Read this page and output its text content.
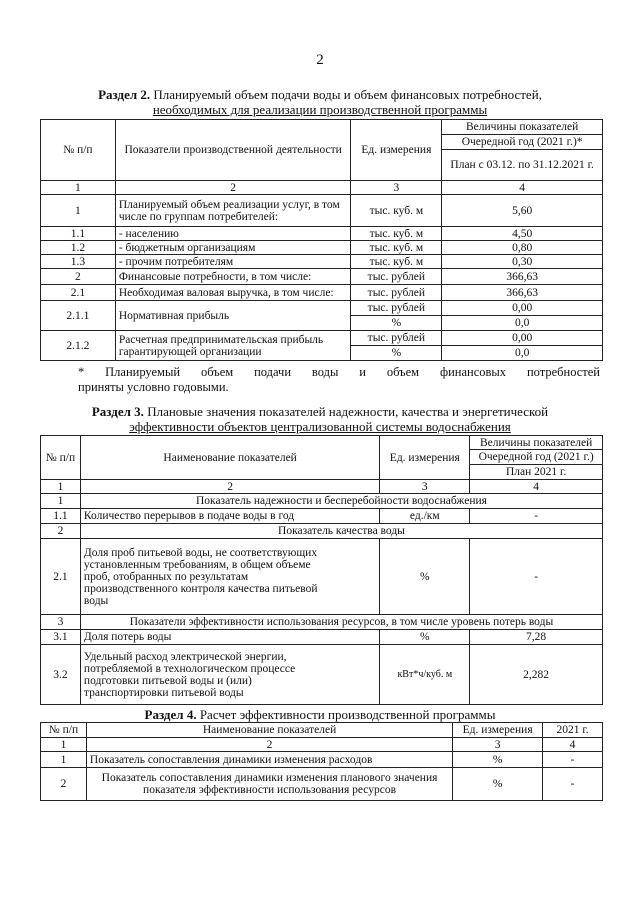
2
Раздел 2. Планируемый объем подачи воды и объем финансовых потребностей,
необходимых для реализации производственной программы
№ п/п	Показатели производственной деятельности	Ед. измерения	Величины показателей
			Очередной год (2021 г.)*
			План с 03.12. по 31.12.2021 г.
1	2	3	4
1	Планируемый объем реализации услуг, в том числе по группам потребителей:	тыс. куб. м	5,60
1.1	- населению	тыс. куб. м	4,50
1.2	- бюджетным организациям	тыс. куб. м	0,80
1.3	- прочим потребителям	тыс. куб. м	0,30
2	Финансовые потребности, в том числе:	тыс. рублей	366,63
2.1	Необходимая валовая выручка, в том числе:	тыс. рублей	366,63
2.1.1	Нормативная прибыль	тыс. рублей	0,00
		%	0,0
2.1.2	Расчетная предпринимательская прибыль гарантирующей организации	тыс. рублей	0,00
		%	0,0
* Планируемый объем подачи воды и объем финансовых потребностей
приняты условно годовыми.
Раздел 3. Плановые значения показателей надежности, качества и энергетической
эффективности объектов централизованной системы водоснабжения
№ п/п	Наименование показателей	Ед. измерения	Величины показателей
			Очередной год (2021 г.)
			План 2021 г.
1	2	3	4
1	Показатель надежности и бесперебойности водоснабжения		
1.1	Количество перерывов в подаче воды в год	ед./км	-
2	Показатель качества воды		
2.1	Доля проб питьевой воды, не соответствующих установленным требованиям, в общем объеме проб, отобранных по результатам производственного контроля качества питьевой воды	%	-
3	Показатели эффективности использования ресурсов, в том числе уровень потерь воды		
3.1	Доля потерь воды	%	7,28
3.2	Удельный расход электрической энергии, потребляемой в технологическом процессе подготовки питьевой воды и (или) транспортировки питьевой воды	кВт*ч/куб. м	2,282
Раздел 4. Расчет эффективности производственной программы
№ п/п	Наименование показателей	Ед. измерения	2021 г.
1	2	3	4
1	Показатель сопоставления динамики изменения расходов	%	-
2	Показатель сопоставления динамики изменения планового значения показателя эффективности использования ресурсов	%	-
